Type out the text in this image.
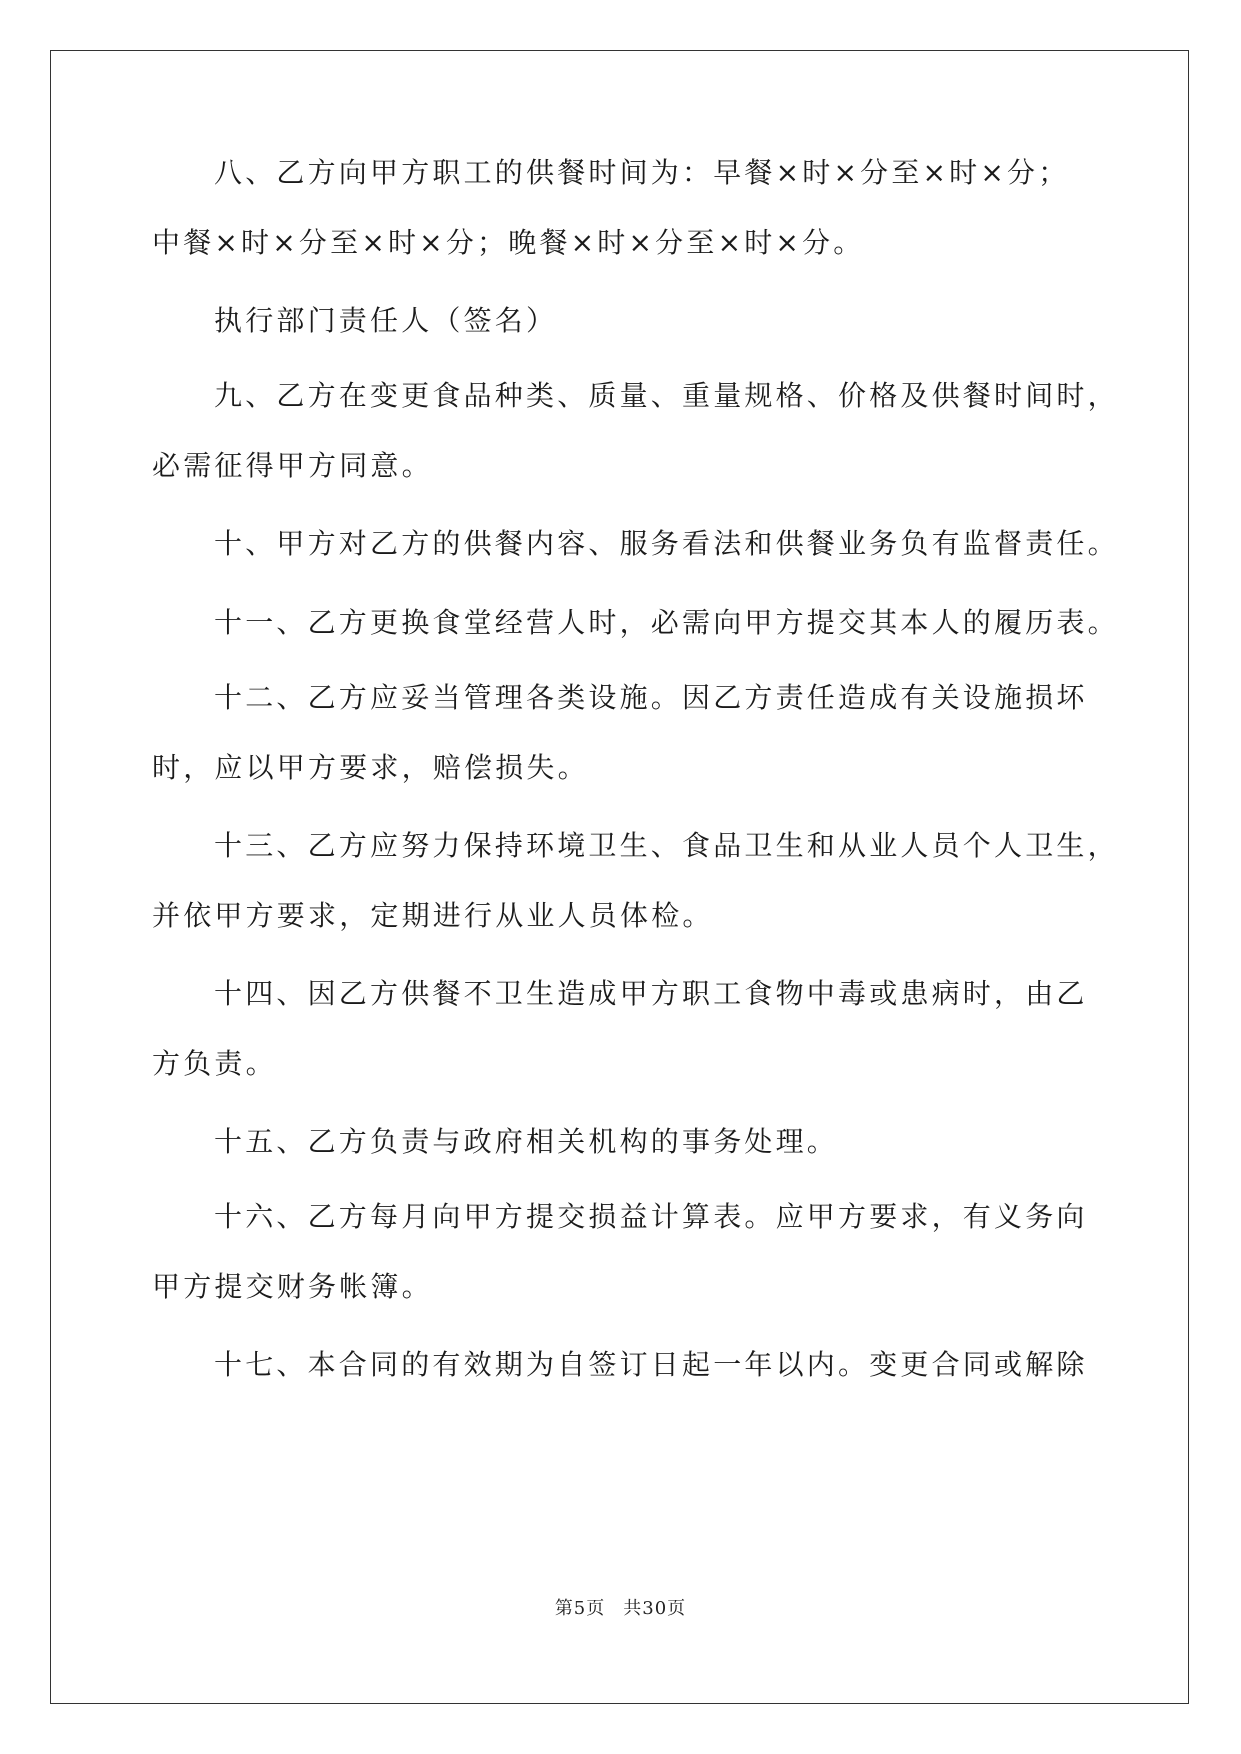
八、乙方向甲方职工的供餐时间为：早餐×时×分至×时×分；
中餐×时×分至×时×分；晚餐×时×分至×时×分。
执行部门责任人（签名）
九、乙方在变更食品种类、质量、重量规格、价格及供餐时间时，
必需征得甲方同意。
十、甲方对乙方的供餐内容、服务看法和供餐业务负有监督责任。
十一、乙方更换食堂经营人时，必需向甲方提交其本人的履历表。
十二、乙方应妥当管理各类设施。因乙方责任造成有关设施损坏
时，应以甲方要求，赔偿损失。
十三、乙方应努力保持环境卫生、食品卫生和从业人员个人卫生，
并依甲方要求，定期进行从业人员体检。
十四、因乙方供餐不卫生造成甲方职工食物中毒或患病时，由乙
方负责。
十五、乙方负责与政府相关机构的事务处理。
十六、乙方每月向甲方提交损益计算表。应甲方要求，有义务向
甲方提交财务帐簿。
十七、本合同的有效期为自签订日起一年以内。变更合同或解除
第5页 共30页
